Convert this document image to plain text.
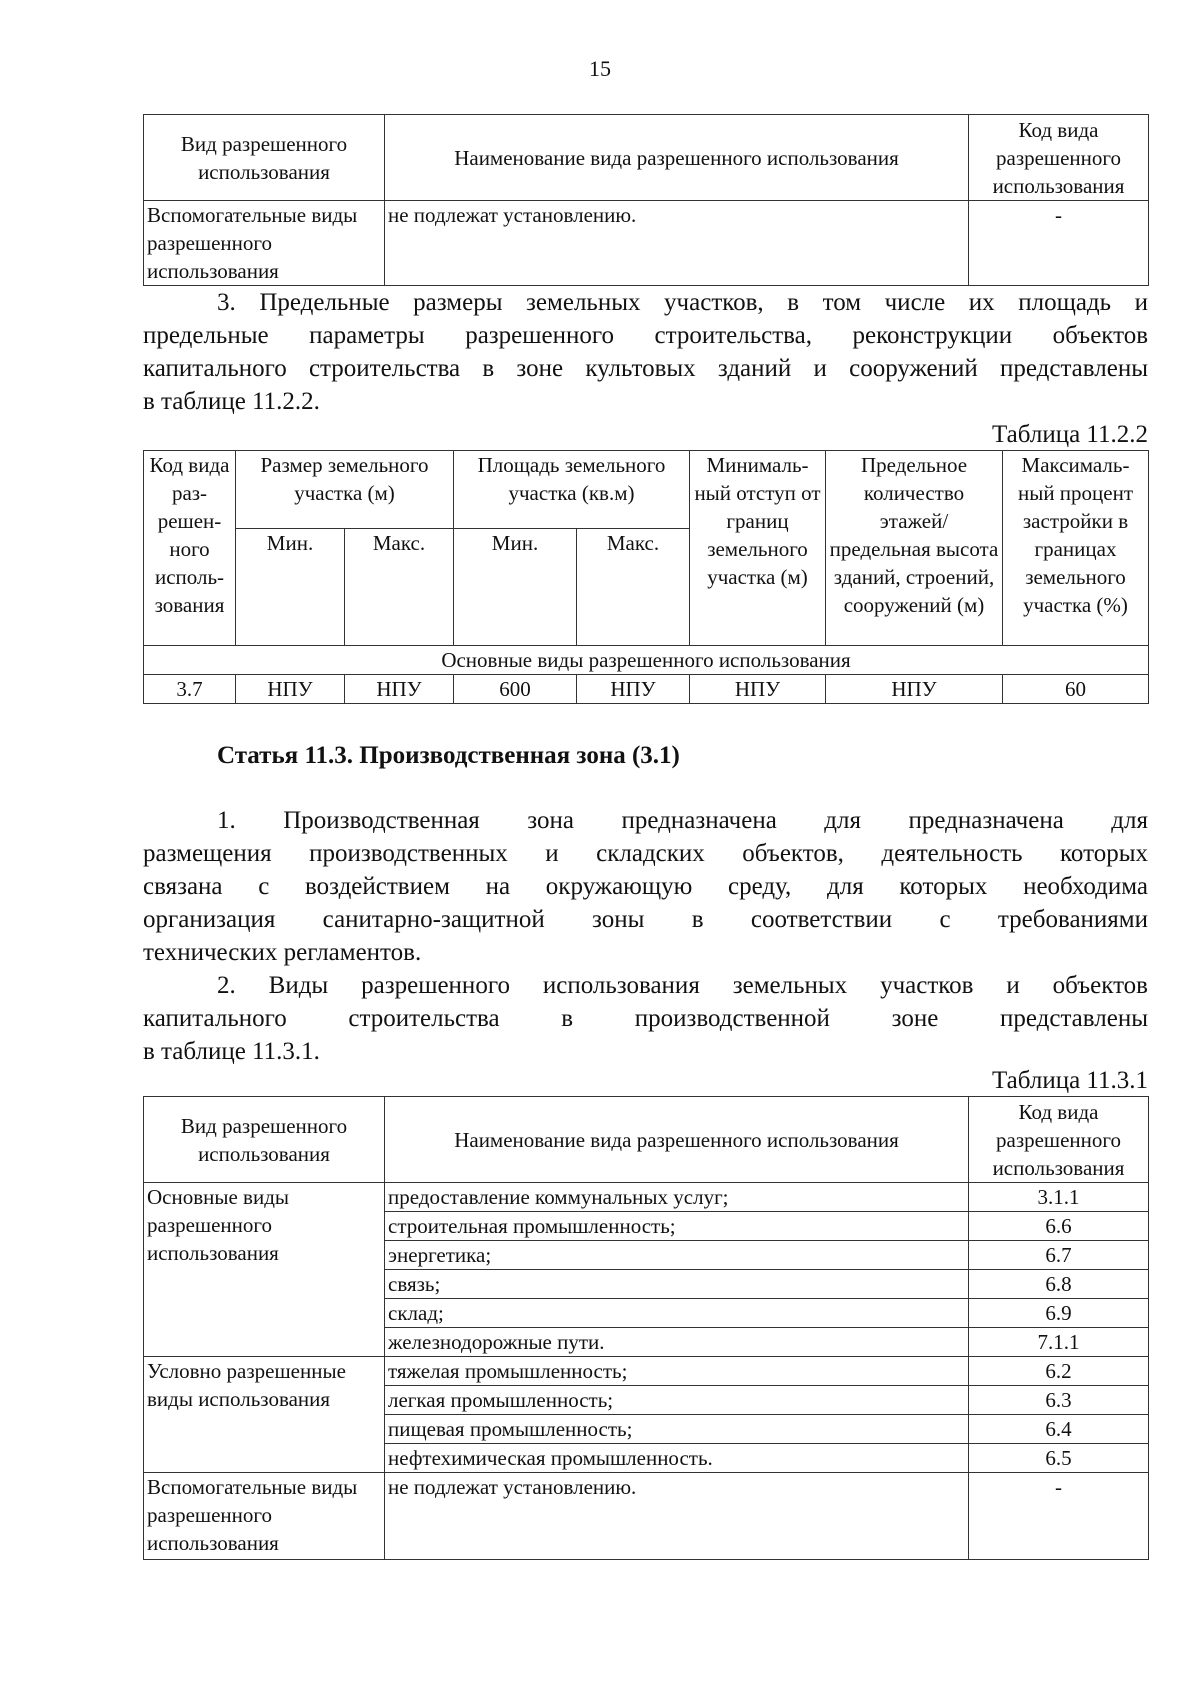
15
Вид разрешенного использования	Наименование вида разрешенного использования	Код вида разрешенного использования
Вспомогательные виды разрешенного использования	не подлежат установлению.	-
3. Предельные размеры земельных участков, в том числе их площадь и
предельные параметры разрешенного строительства, реконструкции объектов
капитального строительства в зоне культовых зданий и сооружений представлены
в таблице 11.2.2.
Таблица 11.2.2
Код вида раз-решен-ного исполь-зования	Размер земельного участка (м)		Площадь земельного участка (кв.м)		Минималь-ный отступ от границ земельного участка (м)	Предельное количество этажей/ предельная высота зданий, строений, сооружений (м)	Максималь-ный процент застройки в границах земельного участка (%)
	Мин.	Макс.	Мин.	Макс.			
Основные виды разрешенного использования							
3.7	НПУ	НПУ	600	НПУ	НПУ	НПУ	60
Статья 11.3. Производственная зона (3.1)
1. Производственная зона предназначена для предназначена для
размещения производственных и складских объектов, деятельность которых
связана с воздействием на окружающую среду, для которых необходима
организация санитарно-защитной зоны в соответствии с требованиями
технических регламентов.
2. Виды разрешенного использования земельных участков и объектов
капитального строительства в производственной зоне представлены
в таблице 11.3.1.
Таблица 11.3.1
Вид разрешенного использования	Наименование вида разрешенного использования	Код вида разрешенного использования
Основные виды разрешенного использования	предоставление коммунальных услуг;	3.1.1
	строительная промышленность;	6.6
	энергетика;	6.7
	связь;	6.8
	склад;	6.9
	железнодорожные пути.	7.1.1
Условно разрешенные виды использования	тяжелая промышленность;	6.2
	легкая промышленность;	6.3
	пищевая промышленность;	6.4
	нефтехимическая промышленность.	6.5
Вспомогательные виды разрешенного использования	не подлежат установлению.	-
